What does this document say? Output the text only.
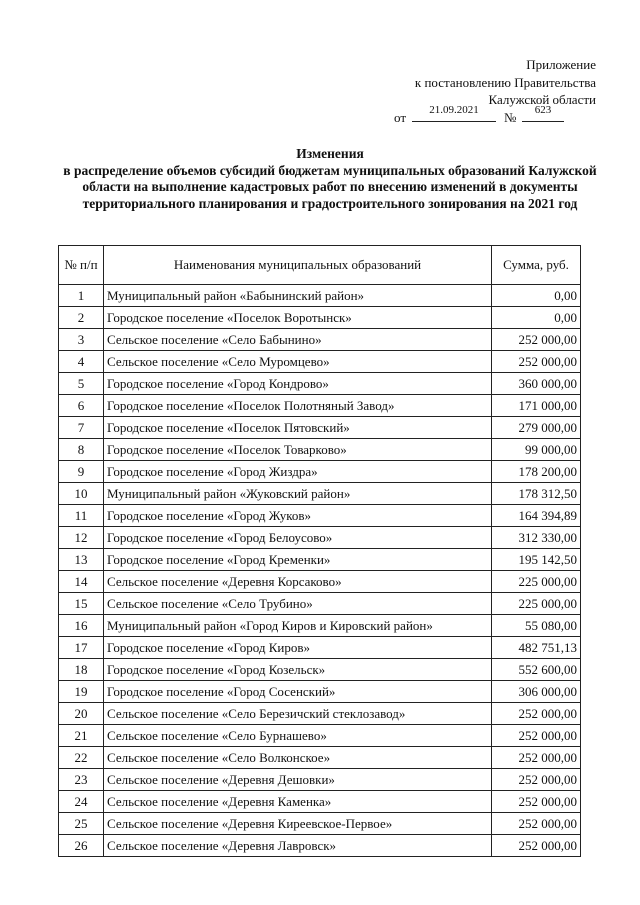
Приложение
к постановлению Правительства
Калужской области
от	21.09.2021	№	623
Изменения
в распределение объемов субсидий бюджетам муниципальных образований Калужской области на выполнение кадастровых работ по внесению изменений в документы территориального планирования и градостроительного зонирования на 2021 год
№ п/п	Наименования муниципальных образований	Сумма, руб.
1	Муниципальный район «Бабынинский район»	0,00
2	Городское поселение «Поселок Воротынск»	0,00
3	Сельское поселение «Село Бабынино»	252 000,00
4	Сельское поселение «Село Муромцево»	252 000,00
5	Городское поселение «Город Кондрово»	360 000,00
6	Городское поселение «Поселок Полотняный Завод»	171 000,00
7	Городское поселение «Поселок Пятовский»	279 000,00
8	Городское поселение «Поселок Товарково»	99 000,00
9	Городское поселение «Город Жиздра»	178 200,00
10	Муниципальный район «Жуковский район»	178 312,50
11	Городское поселение «Город Жуков»	164 394,89
12	Городское поселение «Город Белоусово»	312 330,00
13	Городское поселение «Город Кременки»	195 142,50
14	Сельское поселение «Деревня Корсаково»	225 000,00
15	Сельское поселение «Село Трубино»	225 000,00
16	Муниципальный район «Город Киров и Кировский район»	55 080,00
17	Городское поселение «Город Киров»	482 751,13
18	Городское поселение «Город Козельск»	552 600,00
19	Городское поселение «Город Сосенский»	306 000,00
20	Сельское поселение «Село Березичский стеклозавод»	252 000,00
21	Сельское поселение «Село Бурнашево»	252 000,00
22	Сельское поселение «Село Волконское»	252 000,00
23	Сельское поселение «Деревня Дешовки»	252 000,00
24	Сельское поселение «Деревня Каменка»	252 000,00
25	Сельское поселение «Деревня Киреевское-Первое»	252 000,00
26	Сельское поселение «Деревня Лавровск»	252 000,00
